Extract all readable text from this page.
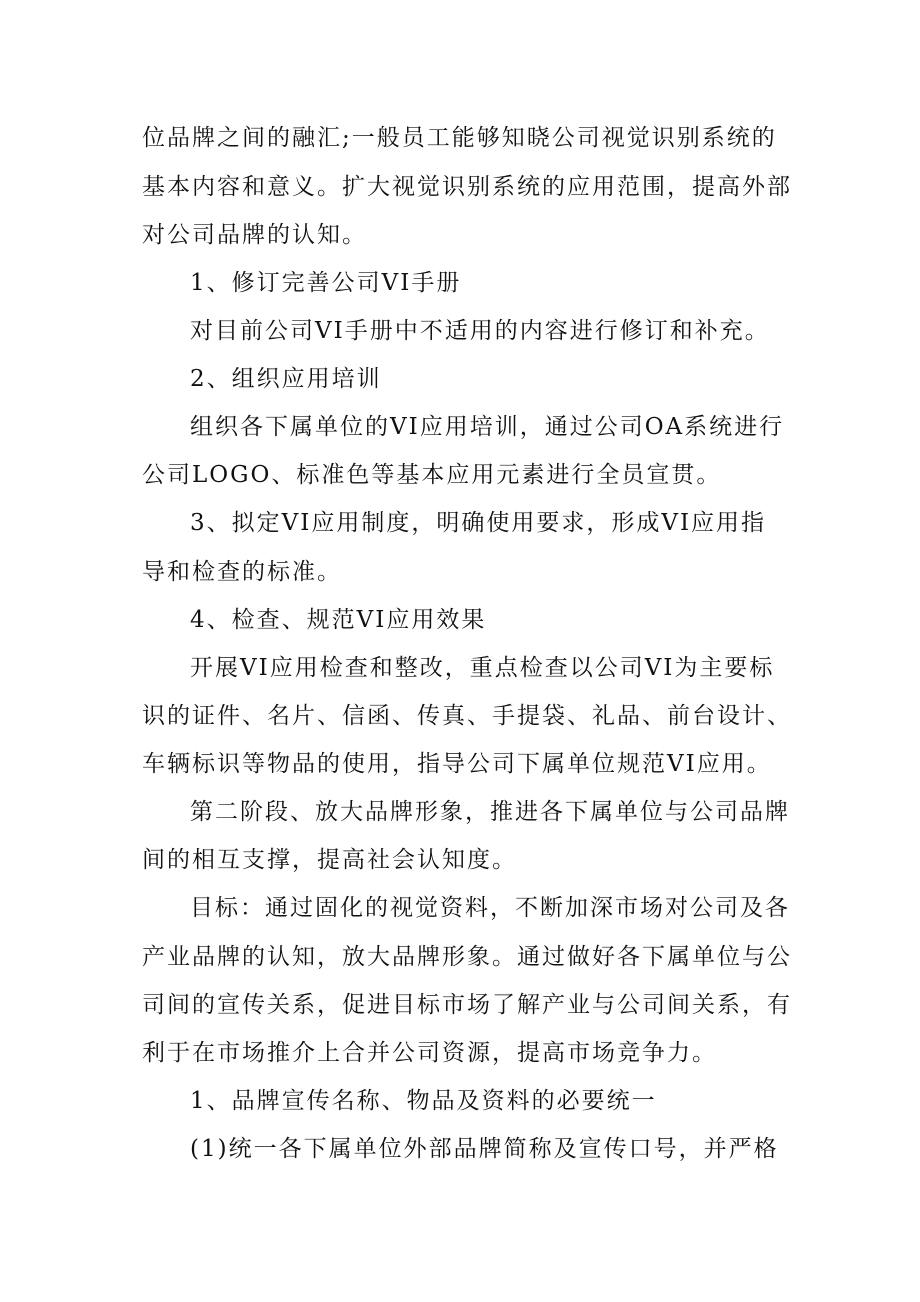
位品牌之间的融汇;一般员工能够知晓公司视觉识别系统的
基本内容和意义。扩大视觉识别系统的应用范围，提高外部
对公司品牌的认知。
1、修订完善公司VI手册
对目前公司VI手册中不适用的内容进行修订和补充。
2、组织应用培训
组织各下属单位的VI应用培训，通过公司OA系统进行
公司LOGO、标准色等基本应用元素进行全员宣贯。
3、拟定VI应用制度，明确使用要求，形成VI应用指
导和检查的标准。
4、检查、规范VI应用效果
开展VI应用检查和整改，重点检查以公司VI为主要标
识的证件、名片、信函、传真、手提袋、礼品、前台设计、
车辆标识等物品的使用，指导公司下属单位规范VI应用。
第二阶段、放大品牌形象，推进各下属单位与公司品牌
间的相互支撑，提高社会认知度。
目标：通过固化的视觉资料，不断加深市场对公司及各
产业品牌的认知，放大品牌形象。通过做好各下属单位与公
司间的宣传关系，促进目标市场了解产业与公司间关系，有
利于在市场推介上合并公司资源，提高市场竞争力。
1、品牌宣传名称、物品及资料的必要统一
(1)统一各下属单位外部品牌简称及宣传口号，并严格
